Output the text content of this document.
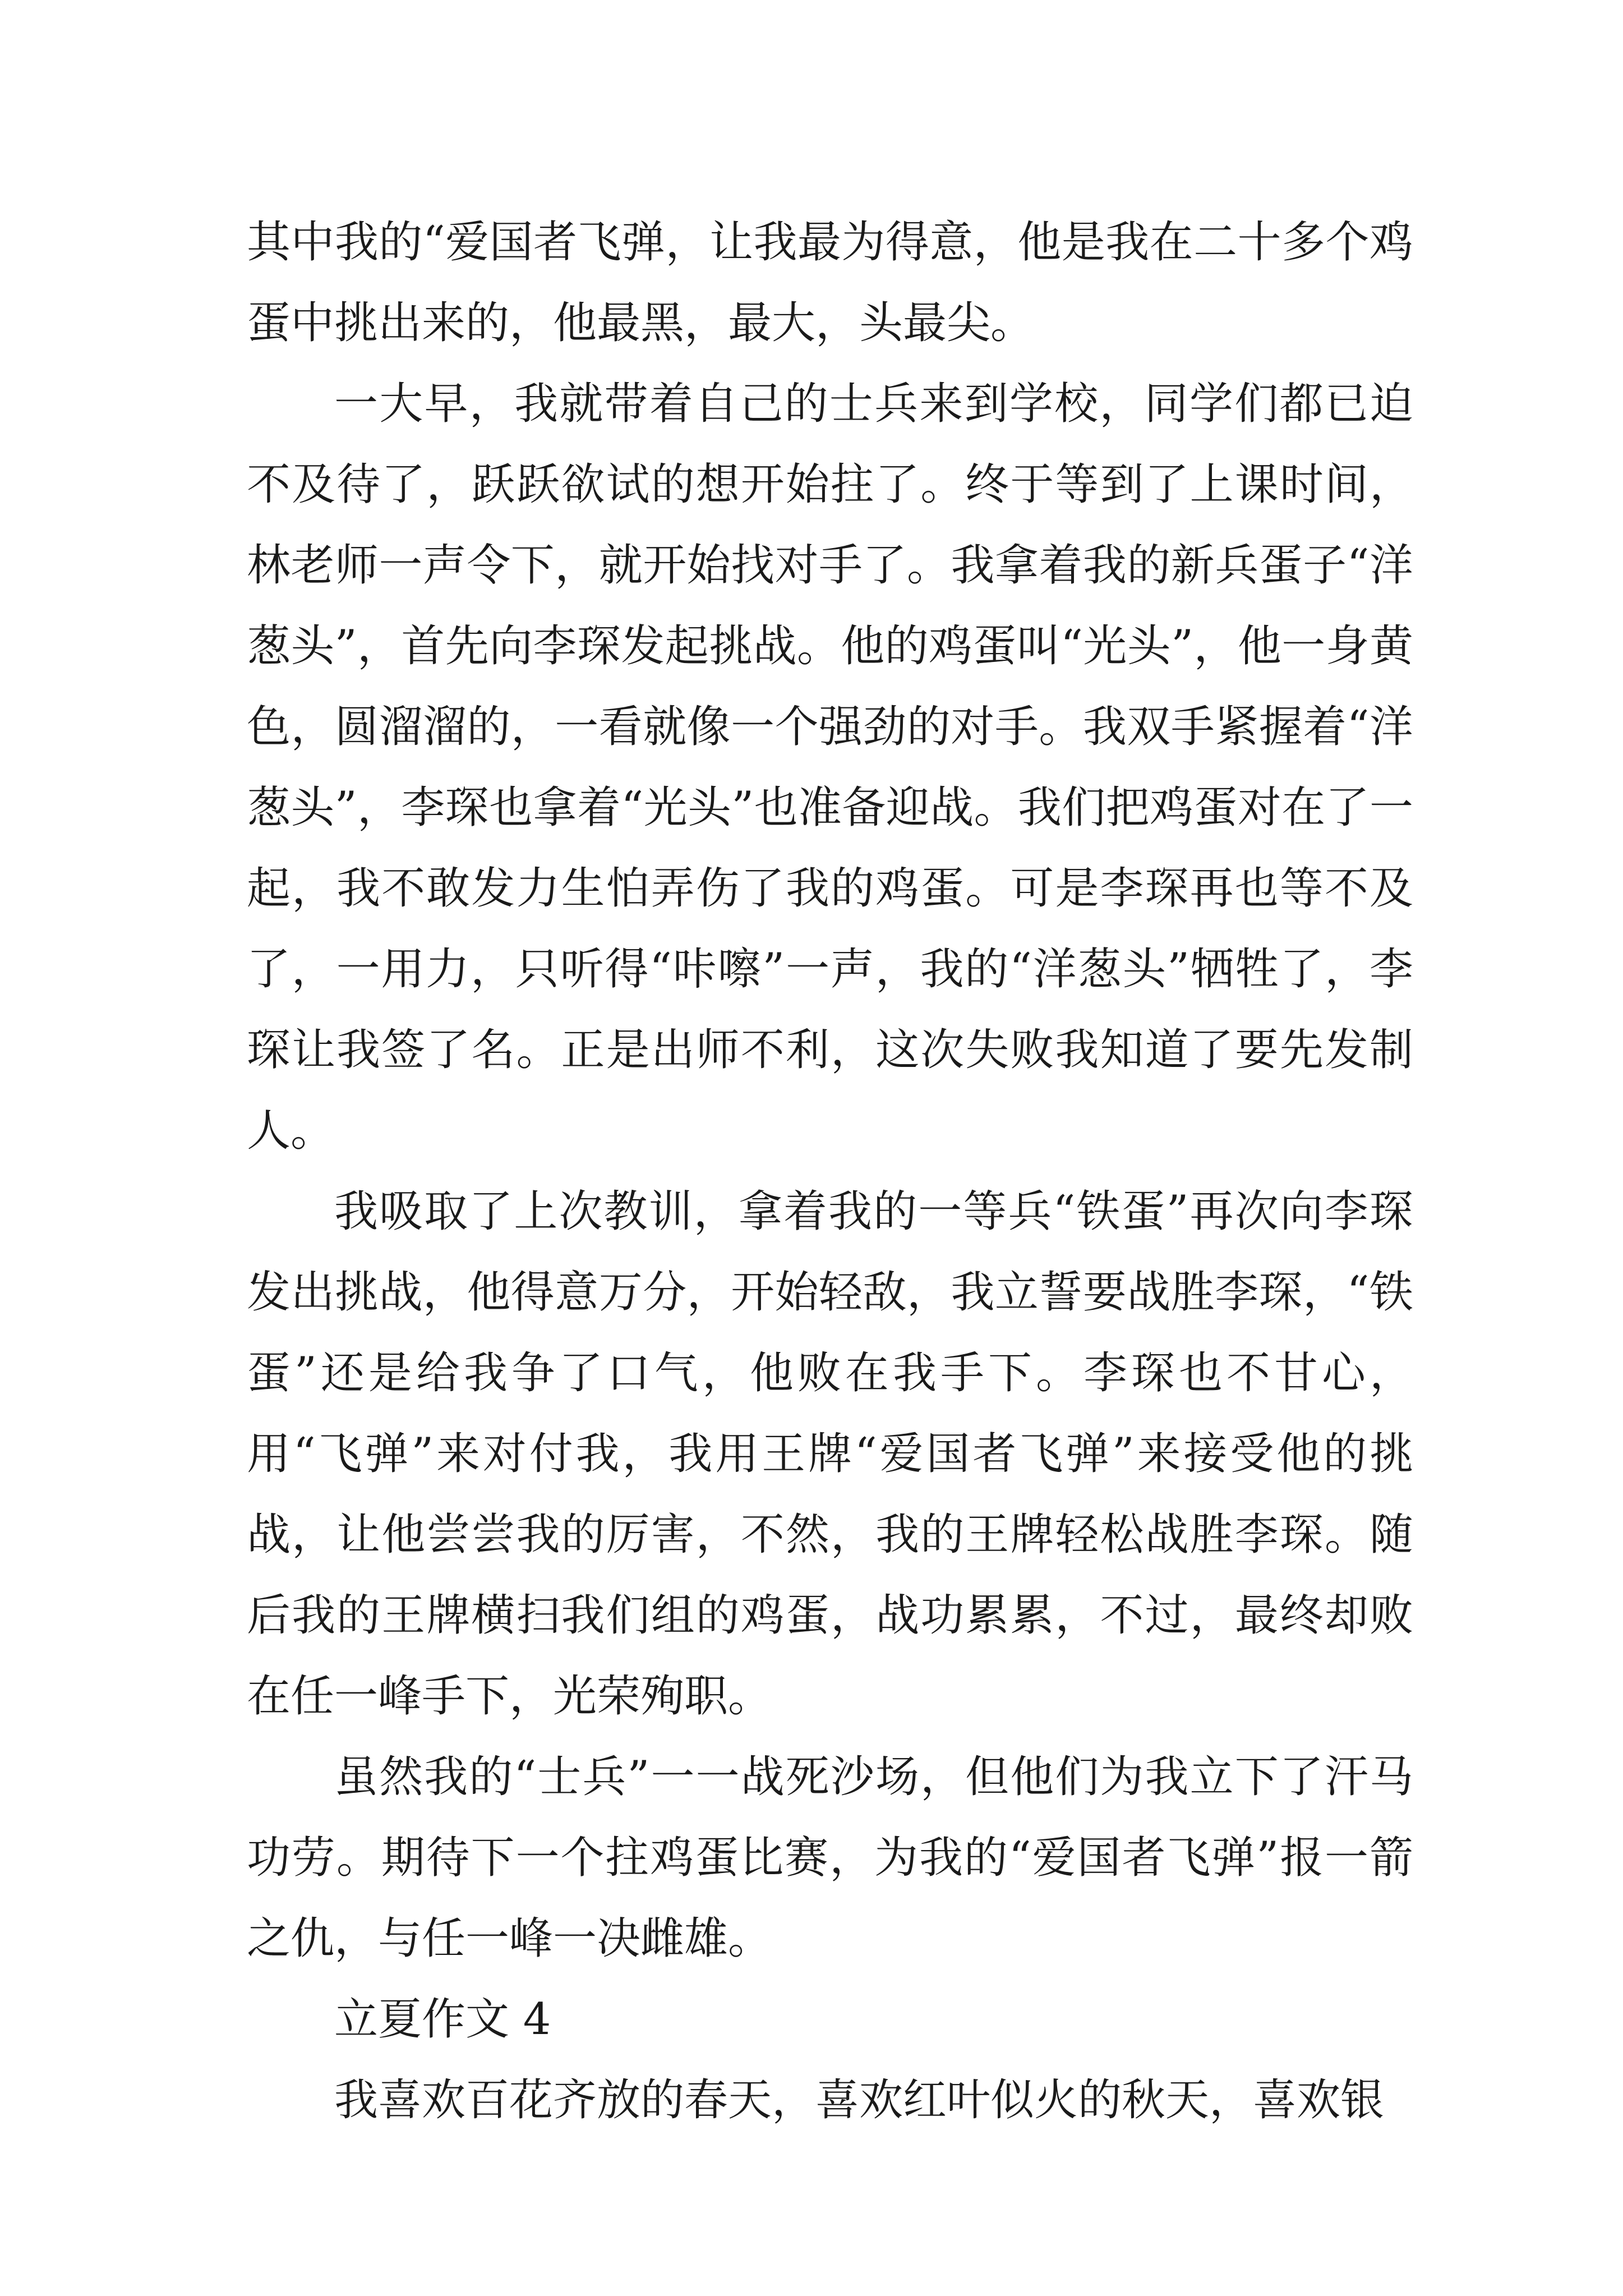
其中我的“爱国者飞弹，让我最为得意，他是我在二十多个鸡蛋中挑出来的，他最黑，最大，头最尖。

一大早，我就带着自己的士兵来到学校，同学们都已迫不及待了，跃跃欲试的想开始拄了。终于等到了上课时间，林老师一声令下，就开始找对手了。我拿着我的新兵蛋子“洋葱头”，首先向李琛发起挑战。他的鸡蛋叫“光头”，他一身黄色，圆溜溜的，一看就像一个强劲的对手。我双手紧握着“洋葱头”，李琛也拿着“光头”也准备迎战。我们把鸡蛋对在了一起，我不敢发力生怕弄伤了我的鸡蛋。可是李琛再也等不及了，一用力，只听得“咔嚓”一声，我的“洋葱头”牺牲了，李琛让我签了名。正是出师不利，这次失败我知道了要先发制人。

我吸取了上次教训，拿着我的一等兵“铁蛋”再次向李琛发出挑战，他得意万分，开始轻敌，我立誓要战胜李琛，“铁蛋”还是给我争了口气，他败在我手下。李琛也不甘心，用“飞弹”来对付我，我用王牌“爱国者飞弹”来接受他的挑战，让他尝尝我的厉害，不然，我的王牌轻松战胜李琛。随后我的王牌横扫我们组的鸡蛋，战功累累，不过，最终却败在任一峰手下，光荣殉职。

虽然我的“士兵”一一战死沙场，但他们为我立下了汗马功劳。期待下一个拄鸡蛋比赛，为我的“爱国者飞弹”报一箭之仇，与任一峰一决雌雄。

立夏作文 4

我喜欢百花齐放的春天，喜欢红叶似火的秋天，喜欢银
